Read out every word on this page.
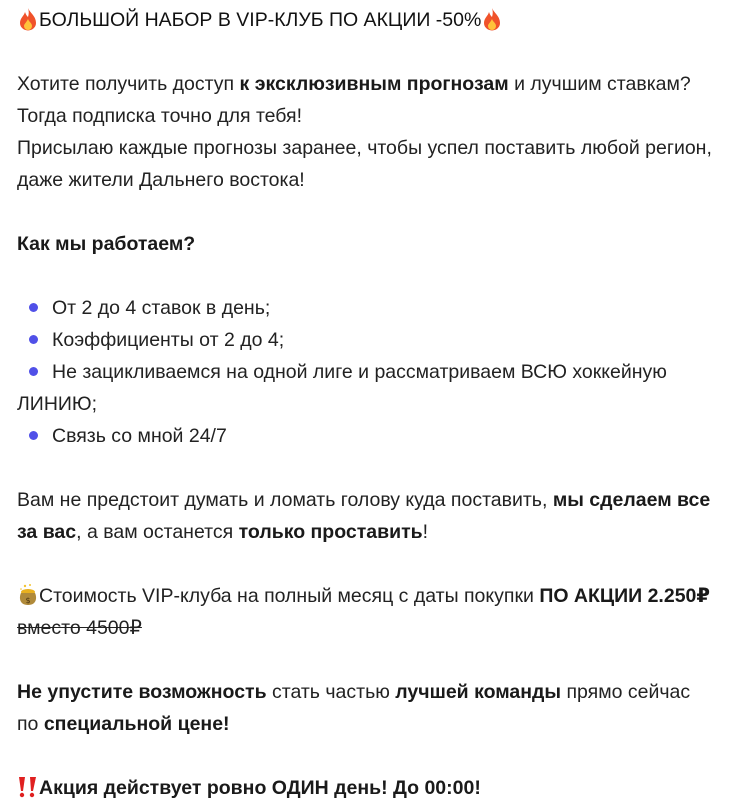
БОЛЬШОЙ НАБОР В VIP-КЛУБ ПО АКЦИИ -50%

Хотите получить доступ к эксклюзивным прогнозам и лучшим ставкам? Тогда подписка точно для тебя!
Присылаю каждые прогнозы заранее, чтобы успел поставить любой регион, даже жители Дальнего востока!

Как мы работаем?

От 2 до 4 ставок в день;
Коэффициенты от 2 до 4;
Не зацикливаемся на одной лиге и рассматриваем ВСЮ хоккейную ЛИНИЮ;
Связь со мной 24/7

Вам не предстоит думать и ломать голову куда поставить, мы сделаем все за вас, а вам останется только проставить!

$ Стоимость VIP-клуба на полный месяц с даты покупки ПО АКЦИИ 2.250₽ вместо 4500₽

Не упустите возможность стать частью лучшей команды прямо сейчас по специальной цене!

Акция действует ровно ОДИН день! До 00:00!
